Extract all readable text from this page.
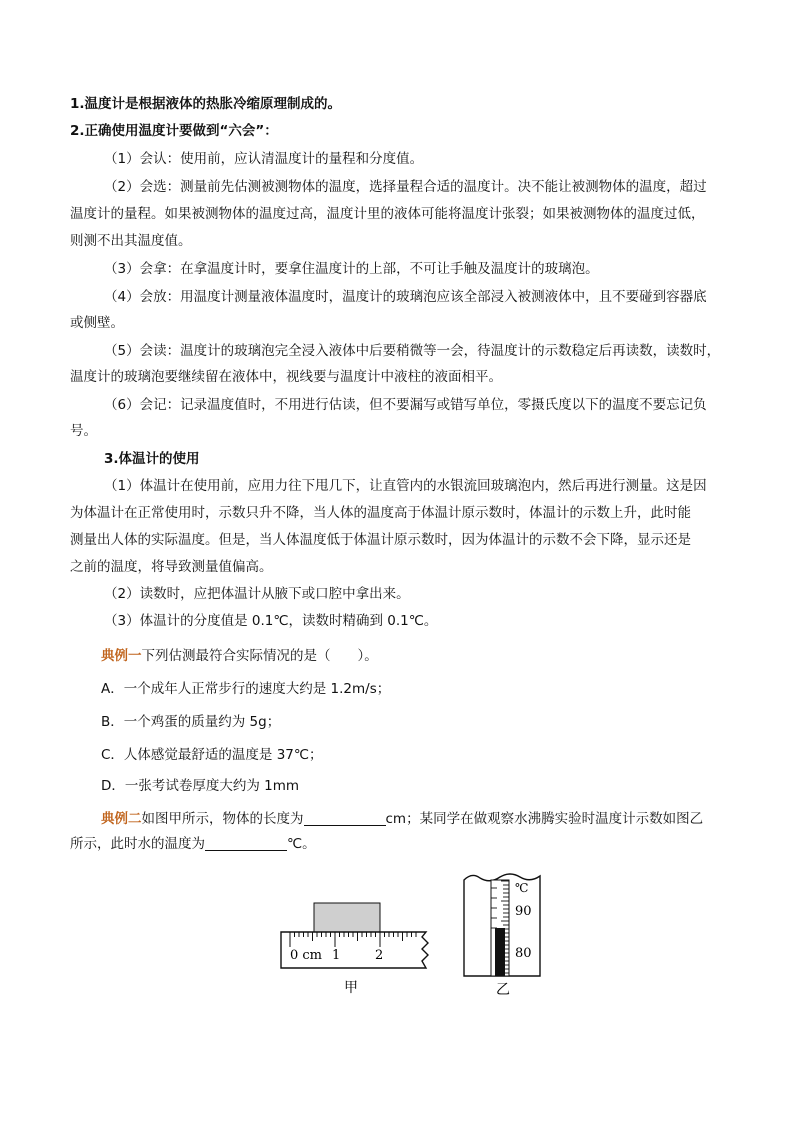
1.温度计是根据液体的热胀冷缩原理制成的。
2.正确使用温度计要做到“六会”：
（1）会认：使用前，应认清温度计的量程和分度值。
（2）会选：测量前先估测被测物体的温度，选择量程合适的温度计。决不能让被测物体的温度，超过
温度计的量程。如果被测物体的温度过高，温度计里的液体可能将温度计张裂；如果被测物体的温度过低，
则测不出其温度值。
（3）会拿：在拿温度计时，要拿住温度计的上部，不可让手触及温度计的玻璃泡。
（4）会放：用温度计测量液体温度时，温度计的玻璃泡应该全部浸入被测液体中，且不要碰到容器底
或侧壁。
（5）会读：温度计的玻璃泡完全浸入液体中后要稍微等一会，待温度计的示数稳定后再读数，读数时，
温度计的玻璃泡要继续留在液体中，视线要与温度计中液柱的液面相平。
（6）会记：记录温度值时，不用进行估读，但不要漏写或错写单位，零摄氏度以下的温度不要忘记负
号。
3.体温计的使用
（1）体温计在使用前，应用力往下甩几下，让直管内的水银流回玻璃泡内，然后再进行测量。这是因
为体温计在正常使用时，示数只升不降，当人体的温度高于体温计原示数时，体温计的示数上升，此时能
测量出人体的实际温度。但是，当人体温度低于体温计原示数时，因为体温计的示数不会下降，显示还是
之前的温度，将导致测量值偏高。
（2）读数时，应把体温计从腋下或口腔中拿出来。
（3）体温计的分度值是 0.1℃，读数时精确到 0.1℃。
典例一下列估测最符合实际情况的是（　　）。
A．一个成年人正常步行的速度大约是 1.2m/s；
B．一个鸡蛋的质量约为 5g；
C．人体感觉最舒适的温度是 37℃；
D．一张考试卷厚度大约为 1mm
典例二如图甲所示，物体的长度为	cm；某同学在做观察水沸腾实验时温度计示数如图乙
所示，此时水的温度为	℃。
0 cm 1	2
甲
℃
90
80
乙
